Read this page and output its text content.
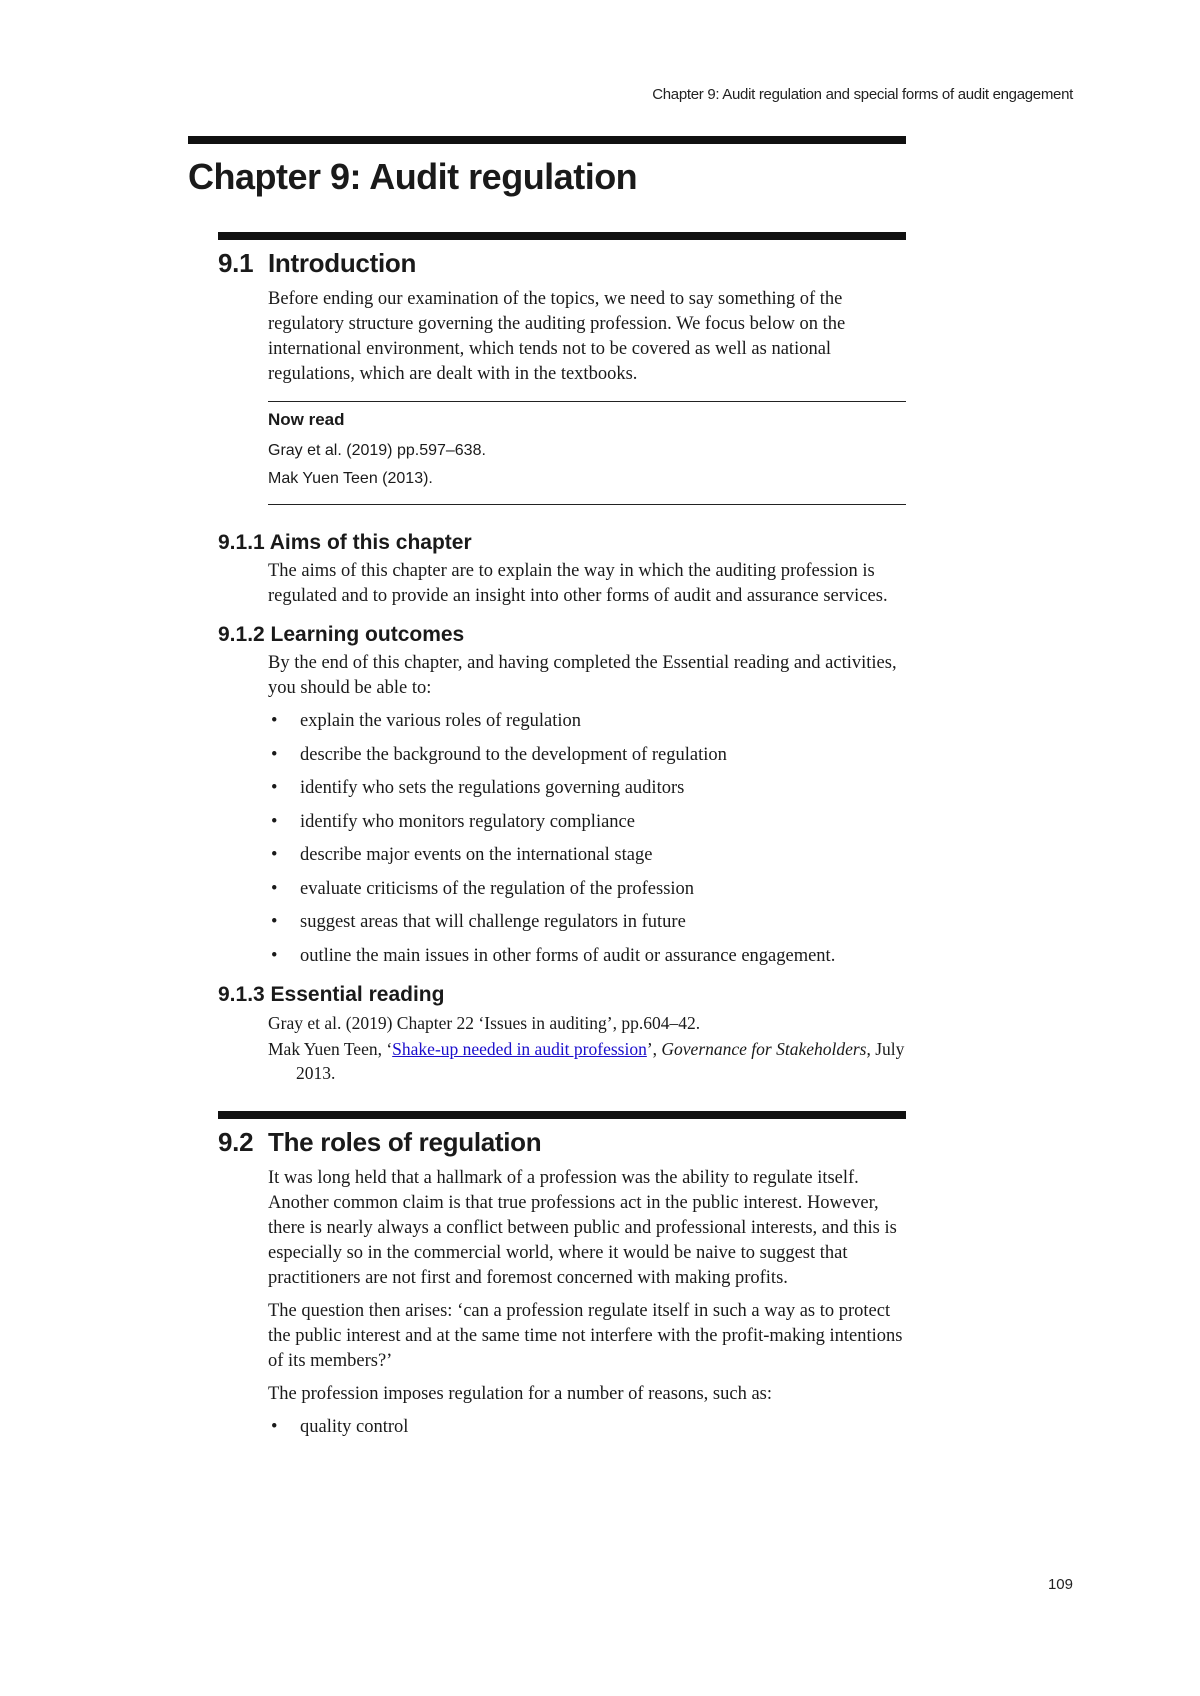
Chapter 9: Audit regulation and special forms of audit engagement
Chapter 9: Audit regulation
9.1 Introduction

Before ending our examination of the topics, we need to say something of the regulatory structure governing the auditing profession. We focus below on the international environment, which tends not to be covered as well as national regulations, which are dealt with in the textbooks.

Now read
Gray et al. (2019) pp.597–638.
Mak Yuen Teen (2013).
9.1.1 Aims of this chapter

The aims of this chapter are to explain the way in which the auditing profession is regulated and to provide an insight into other forms of audit and assurance services.

9.1.2 Learning outcomes

By the end of this chapter, and having completed the Essential reading and activities, you should be able to:

• explain the various roles of regulation
• describe the background to the development of regulation
• identify who sets the regulations governing auditors
• identify who monitors regulatory compliance
• describe major events on the international stage
• evaluate criticisms of the regulation of the profession
• suggest areas that will challenge regulators in future
• outline the main issues in other forms of audit or assurance engagement.
9.1.3 Essential reading

Gray et al. (2019) Chapter 22 ‘Issues in auditing’, pp.604–42.

Mak Yuen Teen, ‘Shake-up needed in audit profession’, Governance for Stakeholders, July 2013.

9.2 The roles of regulation

It was long held that a hallmark of a profession was the ability to regulate itself. Another common claim is that true professions act in the public interest. However, there is nearly always a conflict between public and professional interests, and this is especially so in the commercial world, where it would be naive to suggest that practitioners are not first and foremost concerned with making profits.

The question then arises: ‘can a profession regulate itself in such a way as to protect the public interest and at the same time not interfere with the profit-making intentions of its members?’

The profession imposes regulation for a number of reasons, such as:

• quality control
109
